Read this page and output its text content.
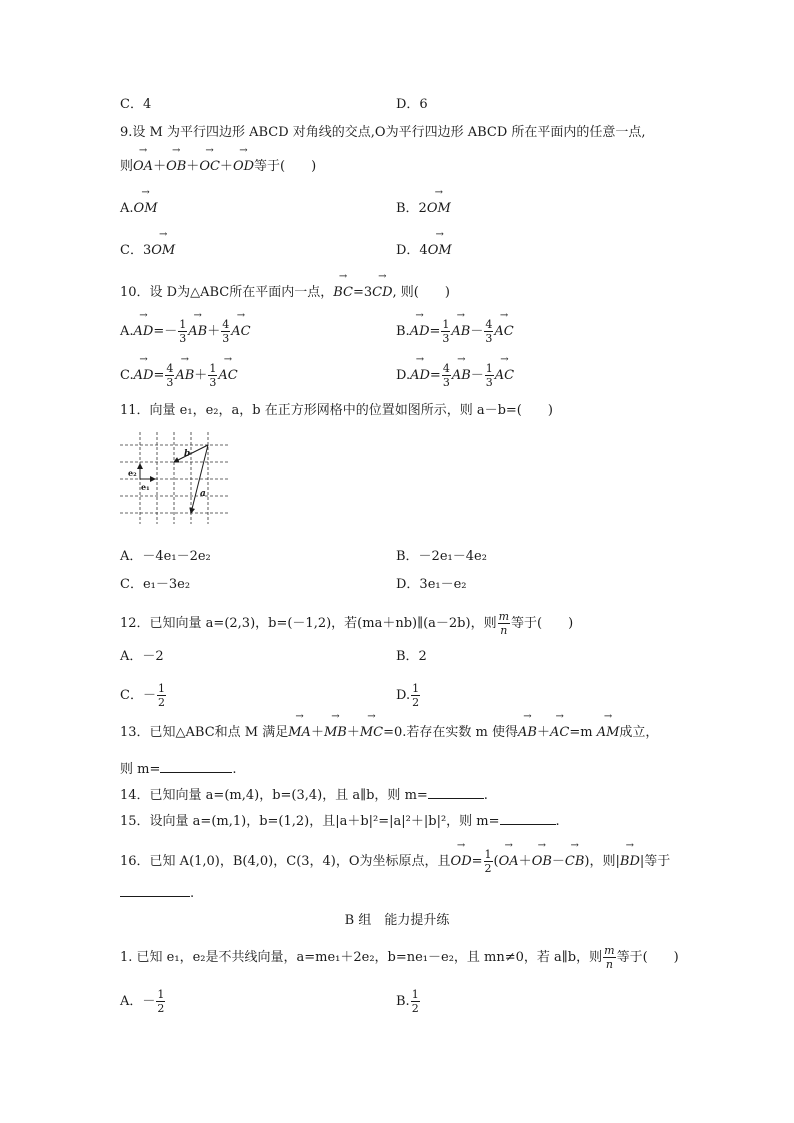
C．4	D．6
9.设 M 为平行四边形 ABCD 对角线的交点,O为平行四边形 ABCD 所在平面内的任意一点,
则→ OA＋→ OB＋→ OC＋→ OD等于(　　)
A.→ OM	B．2→ OM
C．3→ OM	D．4→ OM
10．设 D为△ABC所在平面内一点，→ BC=3→ CD, 则(　　)
$A.\to AD=- \frac{1}{3}$
→ $AB+ \frac{4}{3}$
→ AC	$B.\to AD= \frac{1}{3}$
→ $AB- \frac{4}{3}$
→ AC
$C.\to AD= \frac{4}{3}$
→ $AB+ \frac{1}{3}$
→ AC	$D.\to AD= \frac{4}{3}$
→ $AB- \frac{1}{3}$
→ AC
11．向量 e₁，e₂，a，b 在正方形网格中的位置如图所示，则 a－b=(　　)
b
a
e₂
e₁
A．－4e₁－2e₂	B．－2e₁－4e₂
C．e₁－3e₂	D．3e₁－e₂
12．已知向量 a=(2,3)，b=(－1,2)，若(ma＋nb)∥(a－2b)，则 $\frac{m}{n}$ 等于(　　)
A．－2	B．2
C．－ $\frac{1}{2}$	D. $\frac{1}{2}$
13．已知△ABC和点 M 满足→ MA＋→ MB＋→ MC=0.若存在实数 m 使得→ AB＋→ AC=m → AM成立，
则 m=	.
14．已知向量 a=(m,4)，b=(3,4)，且 a∥b，则 m=	.
15．设向量 a=(m,1)，b=(1,2)，且|a＋b|²=|a|²＋|b|²，则 m=	.
16．已知 A(1,0)，B(4,0)，C(3，4)，O为坐标原点，且→ $OD= \frac{1}{2}$ (→ OA＋→ OB－→ CB)，则|→ BD|等于
.
B 组　能力提升练
1. 已知 e₁，e₂是不共线向量，a=me₁＋2e₂，b=ne₁－e₂，且 mn≠0，若 a∥b，则 $\frac{m}{n}$ 等于(　　)
A．－ $\frac{1}{2}$	B. $\frac{1}{2}$
